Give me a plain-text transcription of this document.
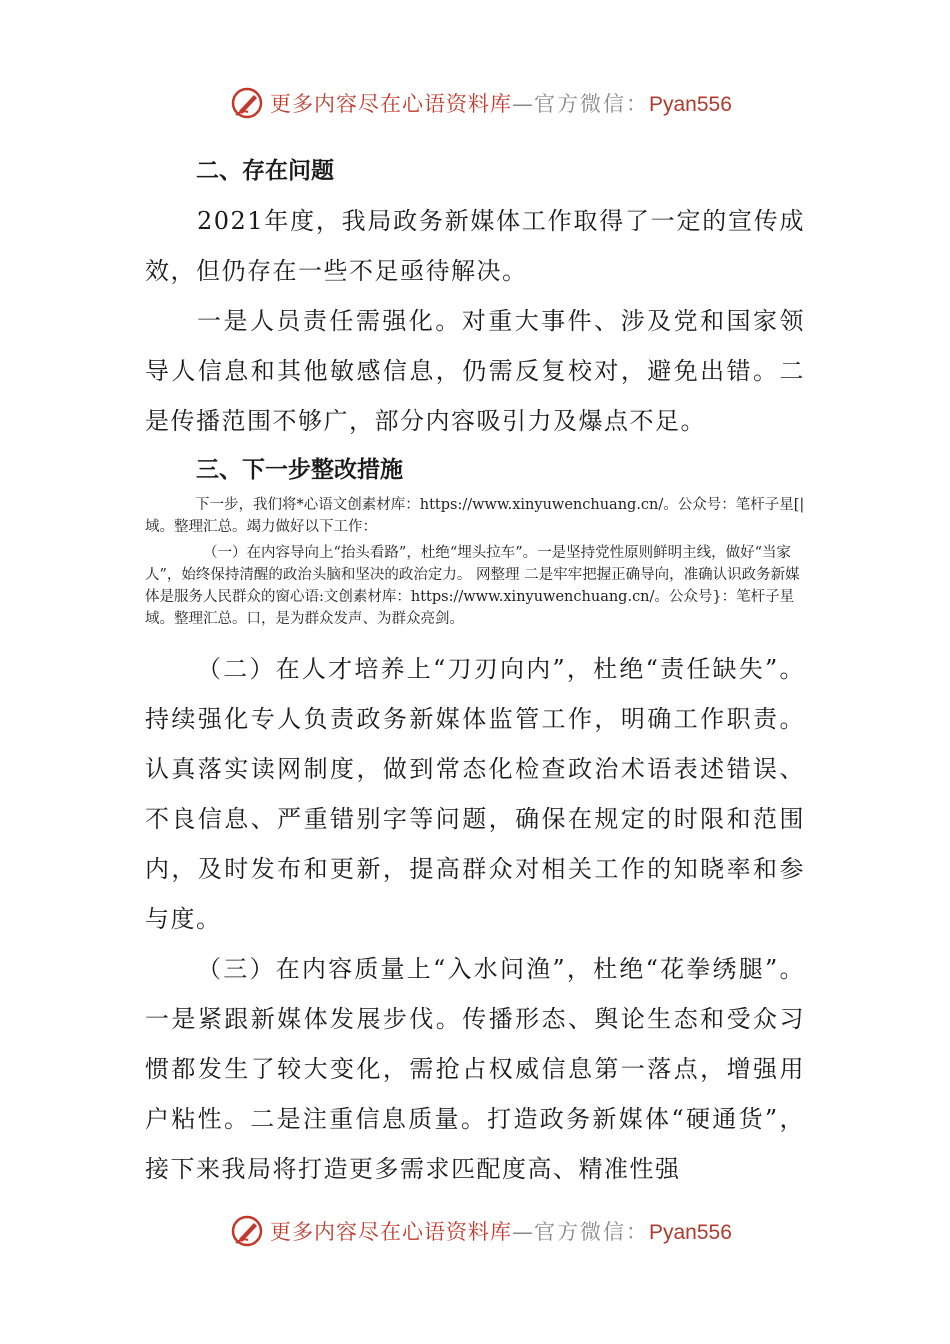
更多内容尽在心语资料库—官方微信：Pyan556

二、存在问题

2021年度，我局政务新媒体工作取得了一定的宣传成效，但仍存在一些不足亟待解决。

一是人员责任需强化。对重大事件、涉及党和国家领导人信息和其他敏感信息，仍需反复校对，避免出错。二是传播范围不够广，部分内容吸引力及爆点不足。

三、下一步整改措施

下一步，我们将*心语文创素材库：https://www.xinyuwenchuang.cn/。公众号：笔杆子星[|域。整理汇总。竭力做好以下工作：

（一）在内容导向上“抬头看路”，杜绝“埋头拉车”。一是坚持党性原则鲜明主线，做好“当家人”，始终保持清醒的政治头脑和坚决的政治定力。 网整理 二是牢牢把握正确导向，准确认识政务新媒体是服务人民群众的窗心语:文创素材库：https://www.xinyuwenchuang.cn/。公众号}：笔杆子星域。整理汇总。口，是为群众发声、为群众亮剑。

（二）在人才培养上“刀刃向内”，杜绝“责任缺失”。持续强化专人负责政务新媒体监管工作，明确工作职责。认真落实读网制度，做到常态化检查政治术语表述错误、不良信息、严重错别字等问题，确保在规定的时限和范围内，及时发布和更新，提高群众对相关工作的知晓率和参与度。

（三）在内容质量上“入水问渔”，杜绝“花拳绣腿”。一是紧跟新媒体发展步伐。传播形态、舆论生态和受众习惯都发生了较大变化，需抢占权威信息第一落点，增强用户粘性。二是注重信息质量。打造政务新媒体“硬通货”，接下来我局将打造更多需求匹配度高、精准性强

更多内容尽在心语资料库—官方微信：Pyan556
